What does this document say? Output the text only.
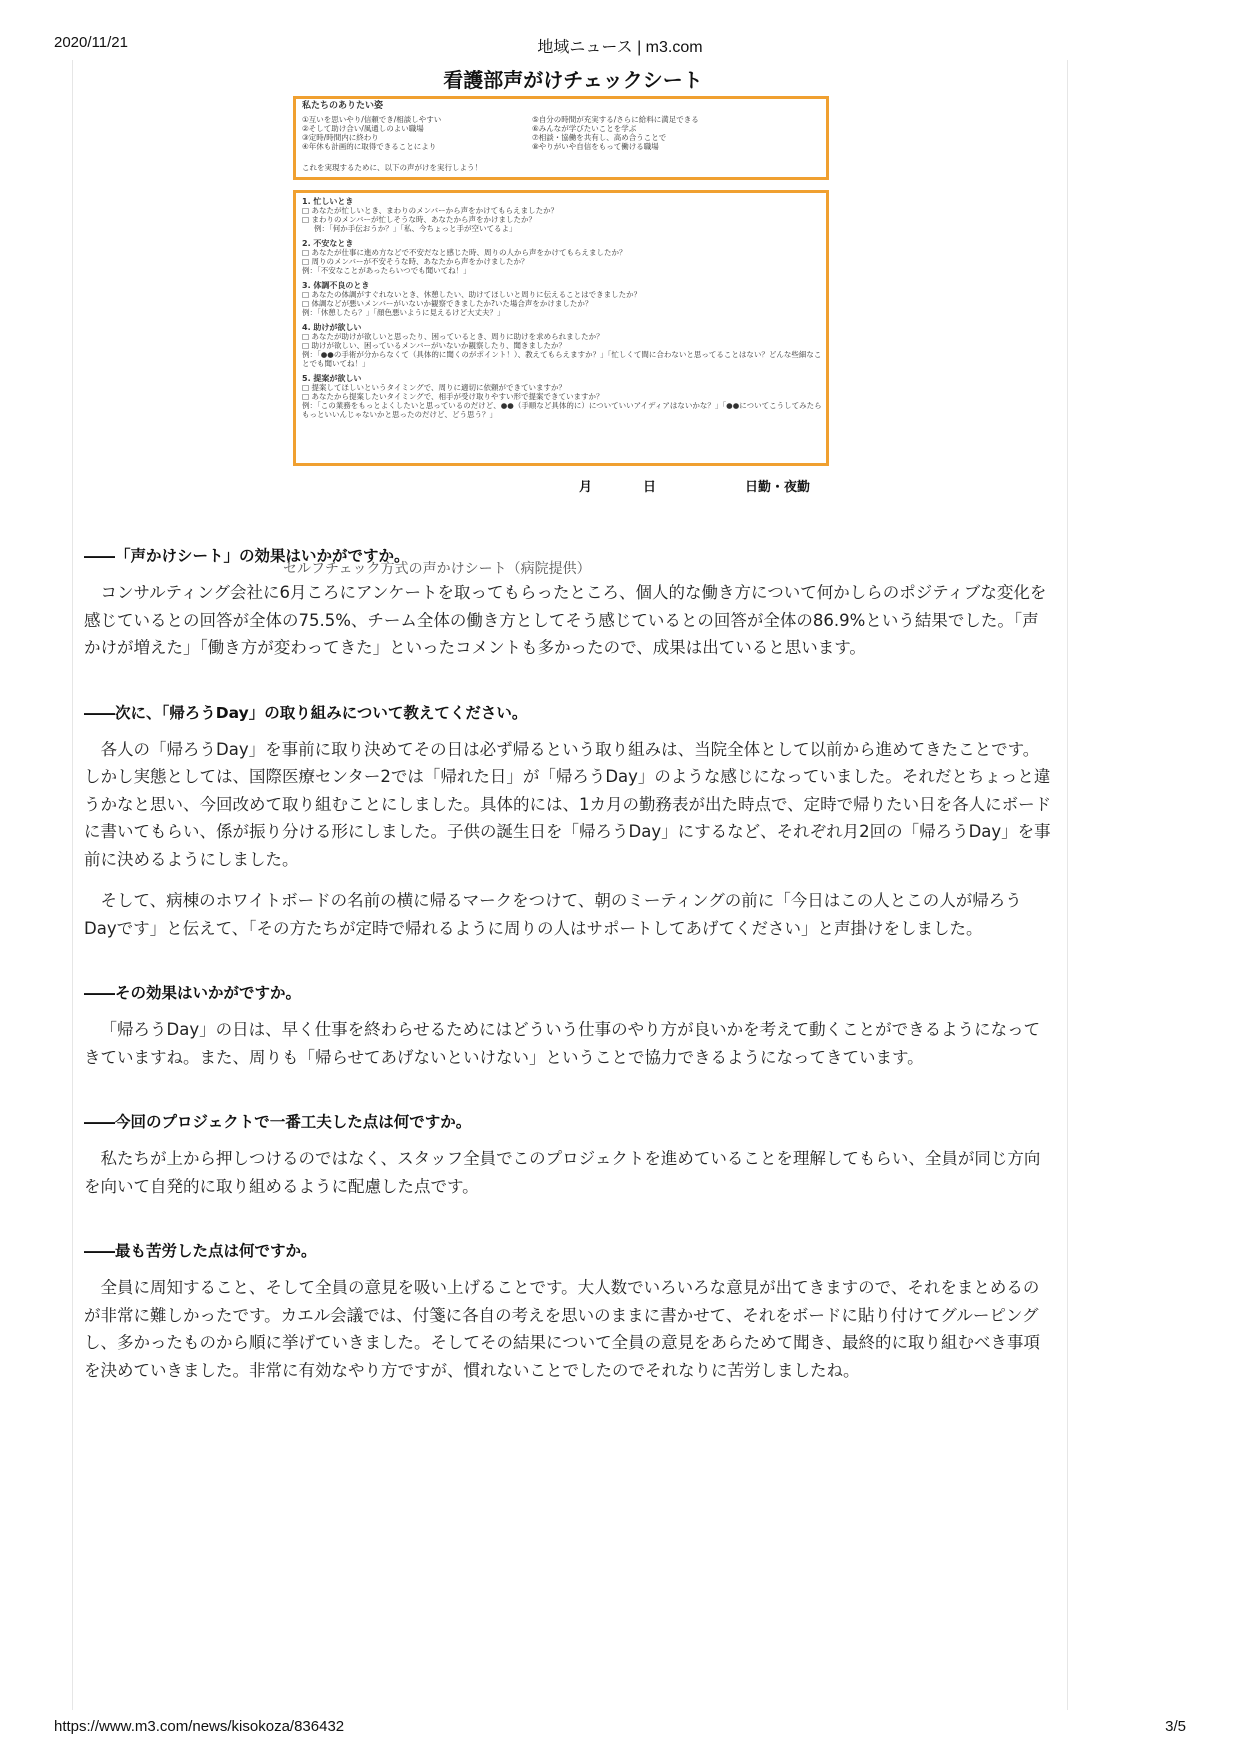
2020/11/21	地域ニュース | m3.com
看護部声がけチェックシート
私たちのありたい姿
①互いを思いやり/信頼でき/相談しやすい
②そして助け合い/風通しのよい職場
③定時/時間内に終わり
④年休も計画的に取得できることにより
⑤自分の時間が充実する/さらに給料に満足できる
⑥みんなが学びたいことを学ぶ
⑦相談・協働を共有し、高め合うことで
⑧やりがいや自信をもって働ける職場
これを実現するために、以下の声がけを実行しよう！
1. 忙しいとき
□ あなたが忙しいとき、まわりのメンバーから声をかけてもらえましたか？
□ まわりのメンバーが忙しそうな時、あなたから声をかけましたか？
例：「何か手伝おうか？」「私、今ちょっと手が空いてるよ」
2. 不安なとき
□ あなたが仕事に進め方などで不安だなと感じた時、周りの人から声をかけてもらえましたか？
□ 周りのメンバーが不安そうな時、あなたから声をかけましたか？
例：「不安なことがあったらいつでも聞いてね！」
3. 体調不良のとき
□ あなたの体調がすぐれないとき、休憩したい、助けてほしいと周りに伝えることはできましたか？
□ 体調などが悪いメンバーがいないか観察できましたか?いた場合声をかけましたか？
例：「休憩したら？」「顔色悪いように見えるけど大丈夫？」
4. 助けが欲しい
□ あなたが助けが欲しいと思ったり、困っているとき、周りに助けを求められましたか？
□ 助けが欲しい、困っているメンバーがいないか観察したり、聞きましたか？
例：「●●の手術が分からなくて（具体的に聞くのがポイント！）、教えてもらえますか？」「忙しくて間に合わないと思ってることはない？どんな些細なことでも聞いてね！」
5. 提案が欲しい
□ 提案してほしいというタイミングで、周りに適切に依頼ができていますか？
□ あなたから提案したいタイミングで、相手が受け取りやすい形で提案できていますか？
例：「この業務をもっとよくしたいと思っているのだけど、●●（手順など具体的に）についていいアイディアはないかな？」「●●についてこうしてみたらもっといいんじゃないかと思ったのだけど、どう思う？」
月	日	日勤・夜勤
セルフチェック方式の声かけシート（病院提供）

――「声かけシート」の効果はいかがですか。

コンサルティング会社に6月ころにアンケートを取ってもらったところ、個人的な働き方について何かしらのポジティブな変化を感じているとの回答が全体の75.5%、チーム全体の働き方としてそう感じているとの回答が全体の86.9%という結果でした。「声かけが増えた」「働き方が変わってきた」といったコメントも多かったので、成果は出ていると思います。

――次に、「帰ろうDay」の取り組みについて教えてください。

各人の「帰ろうDay」を事前に取り決めてその日は必ず帰るという取り組みは、当院全体として以前から進めてきたことです。しかし実態としては、国際医療センター2では「帰れた日」が「帰ろうDay」のような感じになっていました。それだとちょっと違うかなと思い、今回改めて取り組むことにしました。具体的には、1カ月の勤務表が出た時点で、定時で帰りたい日を各人にボードに書いてもらい、係が振り分ける形にしました。子供の誕生日を「帰ろうDay」にするなど、それぞれ月2回の「帰ろうDay」を事前に決めるようにしました。

そして、病棟のホワイトボードの名前の横に帰るマークをつけて、朝のミーティングの前に「今日はこの人とこの人が帰ろうDayです」と伝えて、「その方たちが定時で帰れるように周りの人はサポートしてあげてください」と声掛けをしました。

――その効果はいかがですか。

「帰ろうDay」の日は、早く仕事を終わらせるためにはどういう仕事のやり方が良いかを考えて動くことができるようになってきていますね。また、周りも「帰らせてあげないといけない」ということで協力できるようになってきています。

――今回のプロジェクトで一番工夫した点は何ですか。

私たちが上から押しつけるのではなく、スタッフ全員でこのプロジェクトを進めていることを理解してもらい、全員が同じ方向を向いて自発的に取り組めるように配慮した点です。

――最も苦労した点は何ですか。

全員に周知すること、そして全員の意見を吸い上げることです。大人数でいろいろな意見が出てきますので、それをまとめるのが非常に難しかったです。カエル会議では、付箋に各自の考えを思いのままに書かせて、それをボードに貼り付けてグルーピングし、多かったものから順に挙げていきました。そしてその結果について全員の意見をあらためて聞き、最終的に取り組むべき事項を決めていきました。非常に有効なやり方ですが、慣れないことでしたのでそれなりに苦労しましたね。

https://www.m3.com/news/kisokoza/836432	3/5
